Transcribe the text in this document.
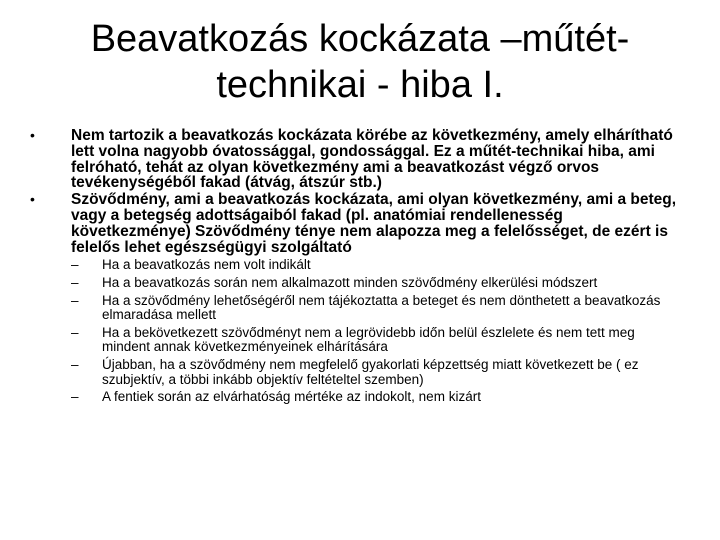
Beavatkozás kockázata –műtét-
technikai - hiba I.
• Nem tartozik a beavatkozás kockázata körébe az következmény, amely elhárítható lett volna nagyobb óvatossággal, gondossággal. Ez a műtét-technikai hiba, ami felróható, tehát az olyan következmény ami a beavatkozást végző orvos tevékenységéből fakad (átvág, átszúr stb.)
• Szövődmény, ami a beavatkozás kockázata, ami olyan következmény, ami a beteg, vagy a betegség adottságaiból fakad (pl. anatómiai rendellenesség következménye) Szövődmény ténye nem alapozza meg a felelősséget, de ezért is felelős lehet egészségügyi szolgáltató
– Ha a beavatkozás nem volt indikált
– Ha a beavatkozás során nem alkalmazott minden szövődmény elkerülési módszert
– Ha a szövődmény lehetőségéről nem tájékoztatta a beteget és nem dönthetett a beavatkozás elmaradása mellett
– Ha a bekövetkezett szövődményt nem a legrövidebb időn belül észlelete és nem tett meg mindent annak következményeinek elhárítására
– Újabban, ha a szövődmény nem megfelelő gyakorlati képzettség miatt következett be ( ez szubjektív, a többi inkább objektív feltételtel szemben)
– A fentiek során az elvárhatóság mértéke az indokolt, nem kizárt
